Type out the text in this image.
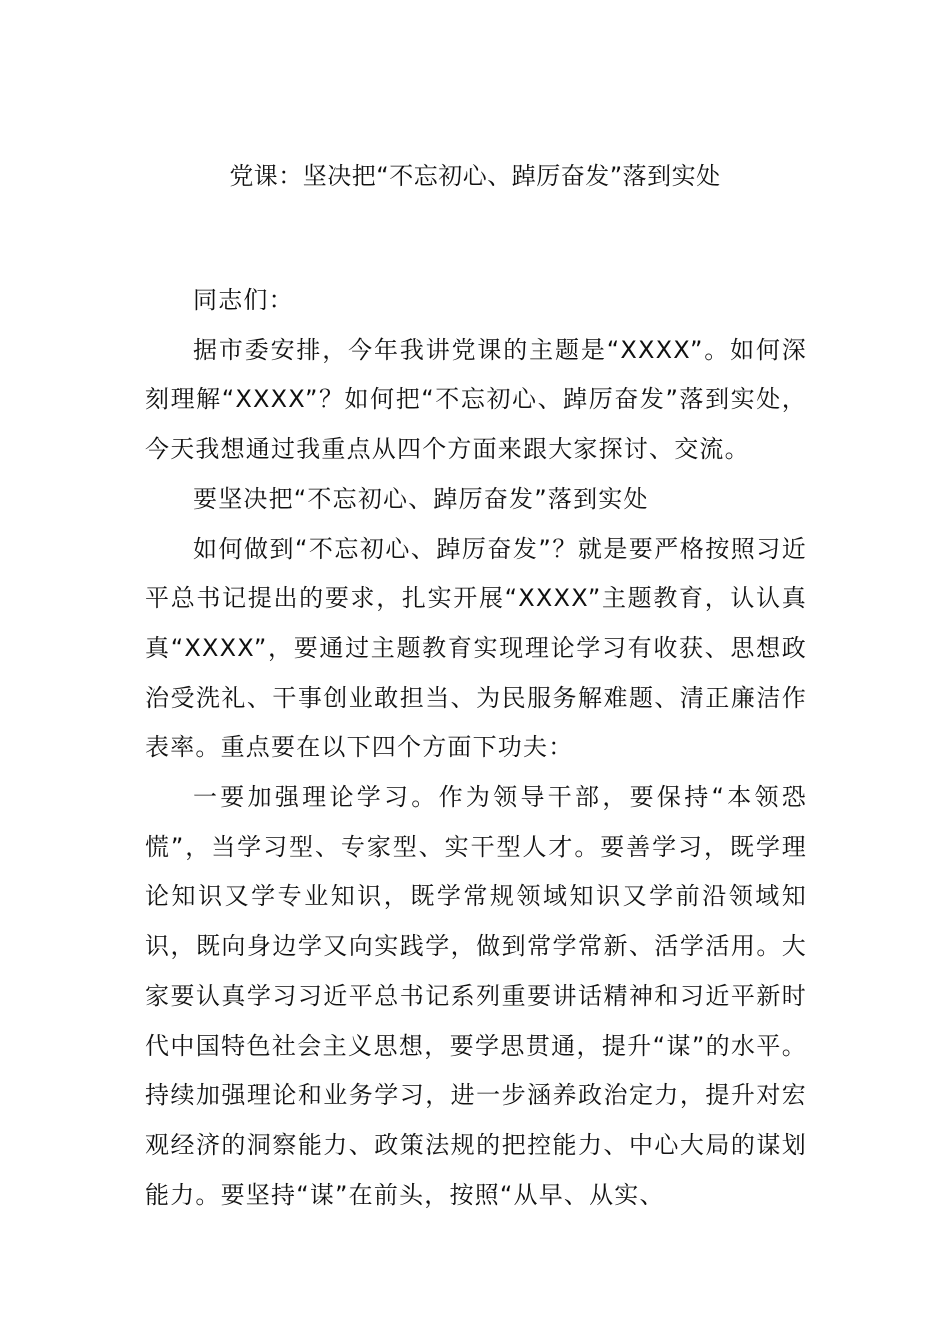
党课：坚决把“不忘初心、踔厉奋发”落到实处

同志们：

据市委安排，今年我讲党课的主题是“XXXX”。如何深刻理解“XXXX”？如何把“不忘初心、踔厉奋发”落到实处，今天我想通过我重点从四个方面来跟大家探讨、交流。

要坚决把“不忘初心、踔厉奋发”落到实处

如何做到“不忘初心、踔厉奋发”？就是要严格按照习近平总书记提出的要求，扎实开展“XXXX”主题教育，认认真真“XXXX”，要通过主题教育实现理论学习有收获、思想政治受洗礼、干事创业敢担当、为民服务解难题、清正廉洁作表率。重点要在以下四个方面下功夫：

一要加强理论学习。作为领导干部，要保持“本领恐慌”，当学习型、专家型、实干型人才。要善学习，既学理论知识又学专业知识，既学常规领域知识又学前沿领域知识，既向身边学又向实践学，做到常学常新、活学活用。大家要认真学习习近平总书记系列重要讲话精神和习近平新时代中国特色社会主义思想，要学思贯通，提升“谋”的水平。持续加强理论和业务学习，进一步涵养政治定力，提升对宏观经济的洞察能力、政策法规的把控能力、中心大局的谋划能力。要坚持“谋”在前头，按照“从早、从实、
